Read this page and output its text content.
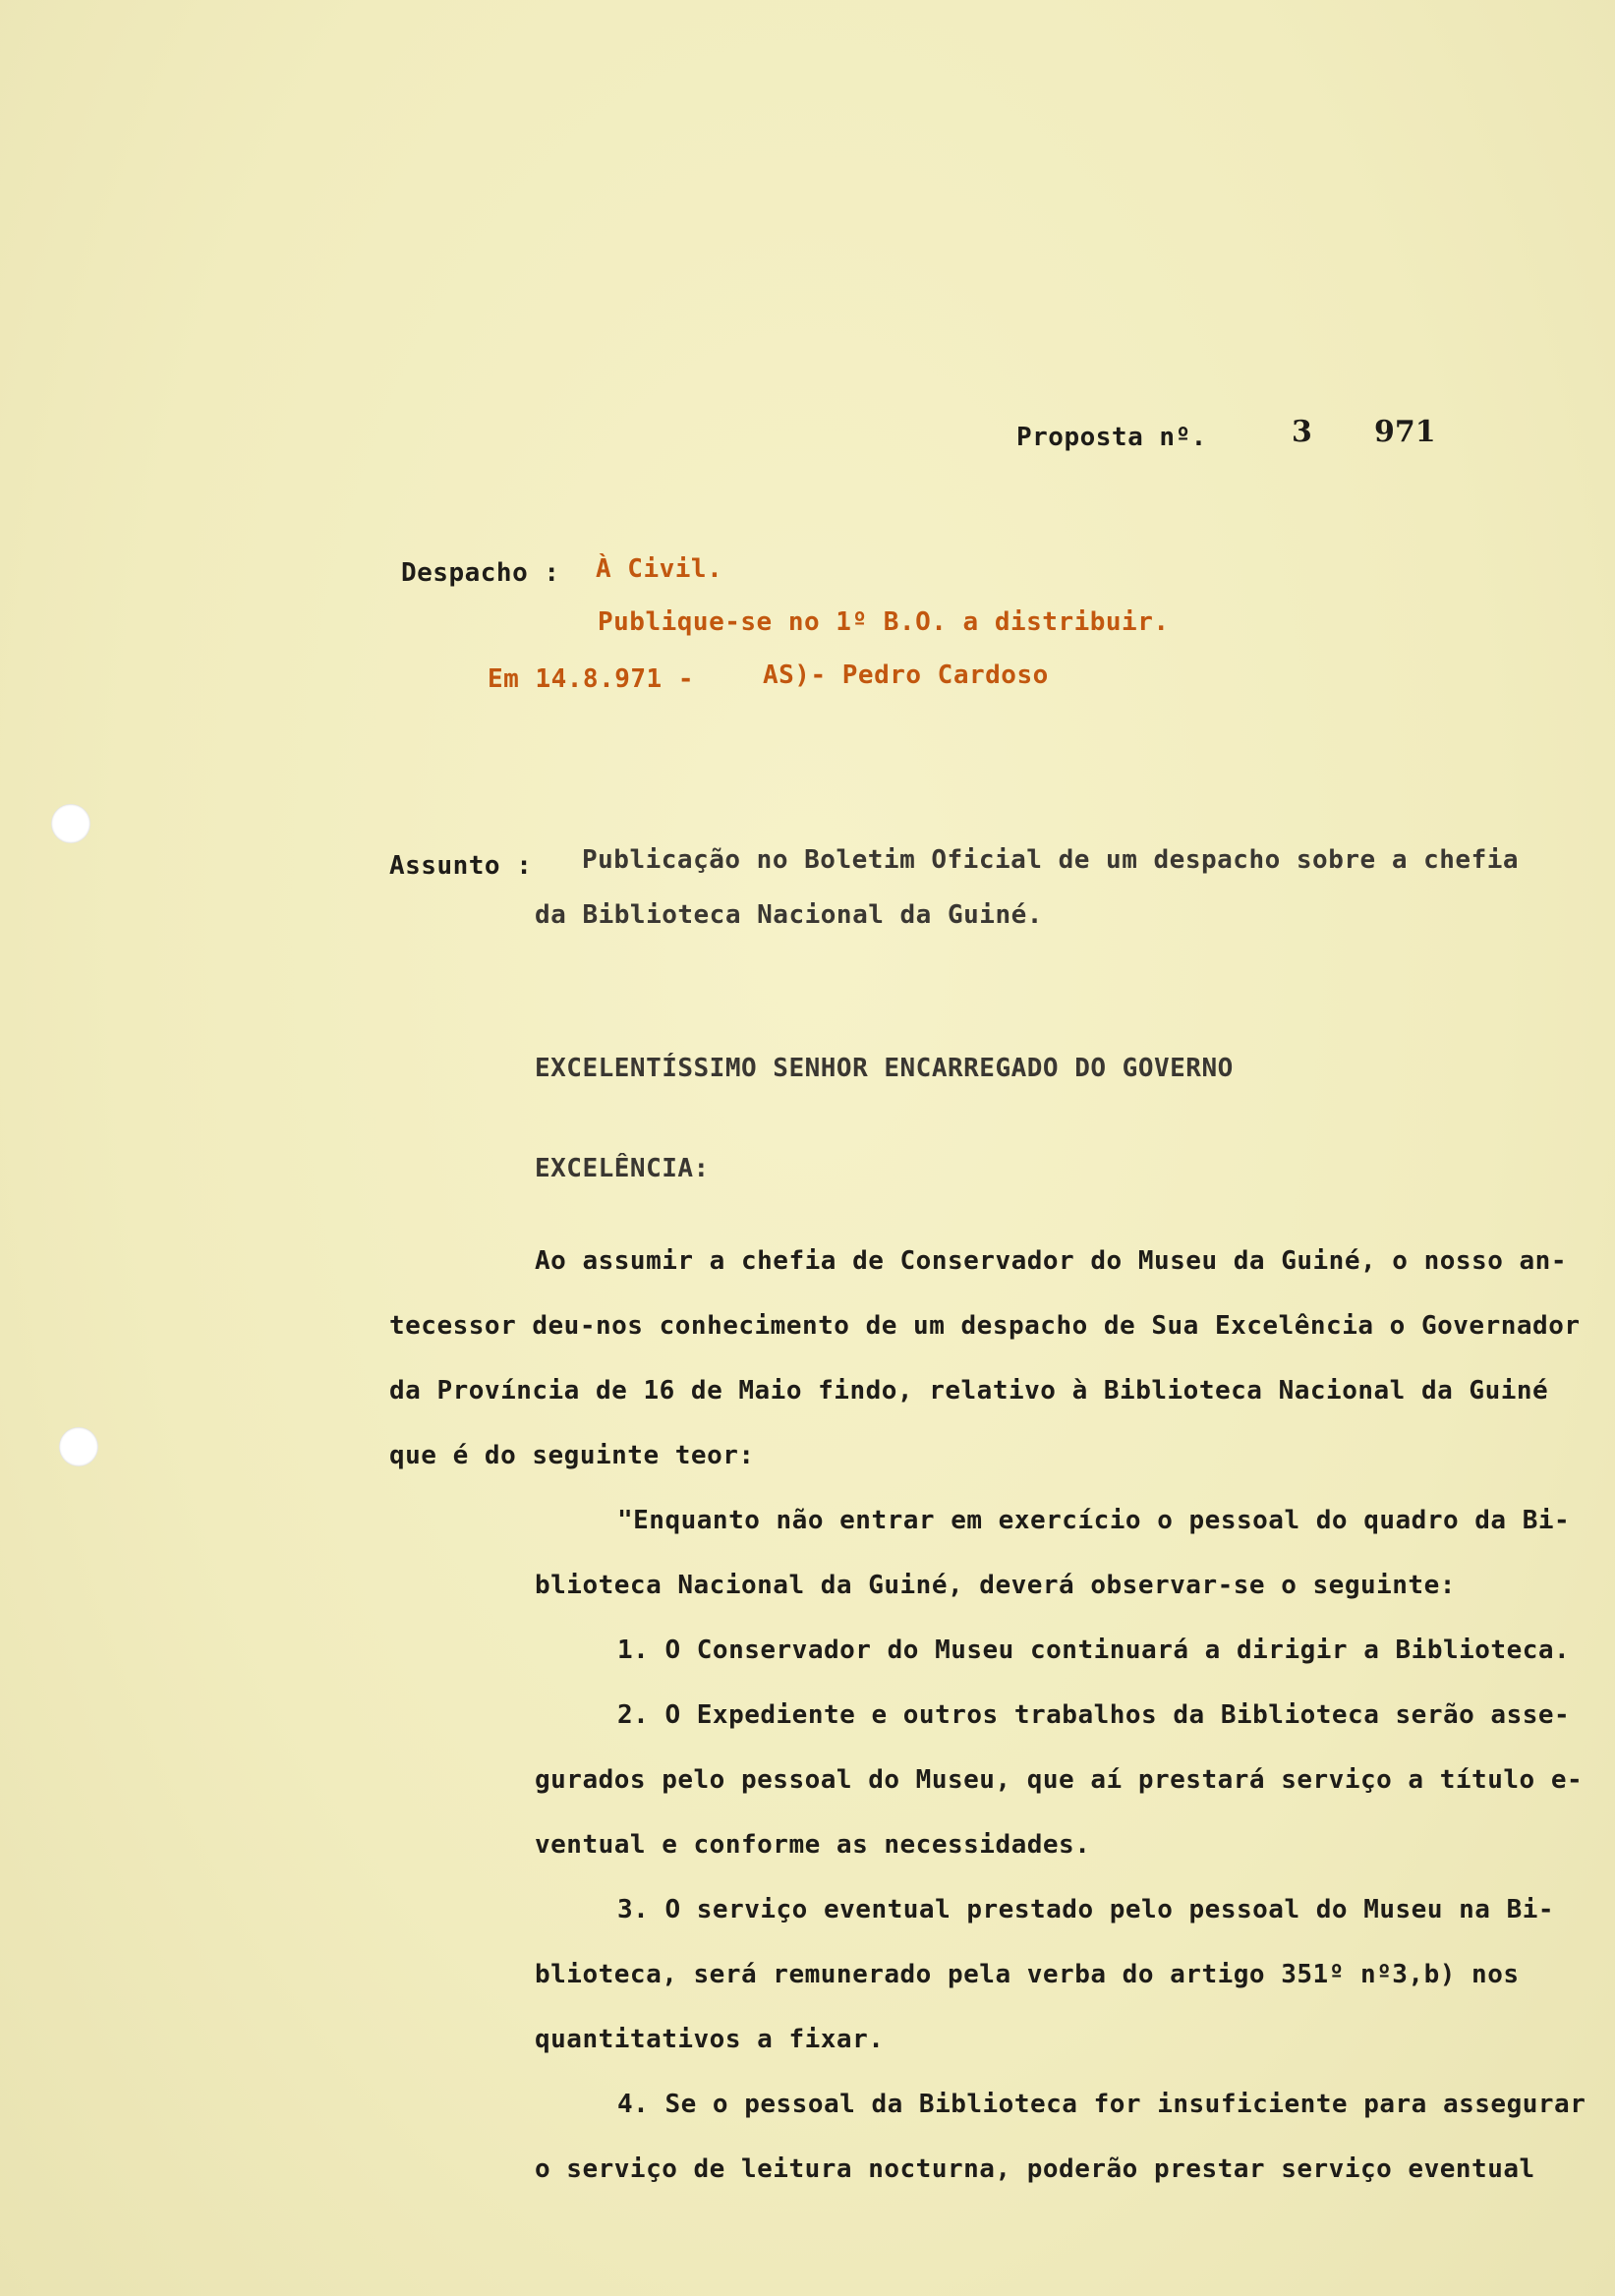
Proposta nº.	3 971
Despacho : À Civil.
Publique-se no 1º B.O. a distribuir.
Em 14.8.971 -	AS)- Pedro Cardoso
Assunto : Publicação no Boletim Oficial de um despacho sobre a chefia
da Biblioteca Nacional da Guiné.
EXCELENTÍSSIMO SENHOR ENCARREGADO DO GOVERNO
EXCELÊNCIA:
Ao assumir a chefia de Conservador do Museu da Guiné, o nosso an-
tecessor deu-nos conhecimento de um despacho de Sua Excelência o Governador
da Província de 16 de Maio findo, relativo à Biblioteca Nacional da Guiné
que é do seguinte teor:
"Enquanto não entrar em exercício o pessoal do quadro da Bi-
blioteca Nacional da Guiné, deverá observar-se o seguinte:
1. O Conservador do Museu continuará a dirigir a Biblioteca.
2. O Expediente e outros trabalhos da Biblioteca serão asse-
gurados pelo pessoal do Museu, que aí prestará serviço a título e-
ventual e conforme as necessidades.
3. O serviço eventual prestado pelo pessoal do Museu na Bi-
blioteca, será remunerado pela verba do artigo 351º nº3,b) nos
quantitativos a fixar.
4. Se o pessoal da Biblioteca for insuficiente para assegurar
o serviço de leitura nocturna, poderão prestar serviço eventual
